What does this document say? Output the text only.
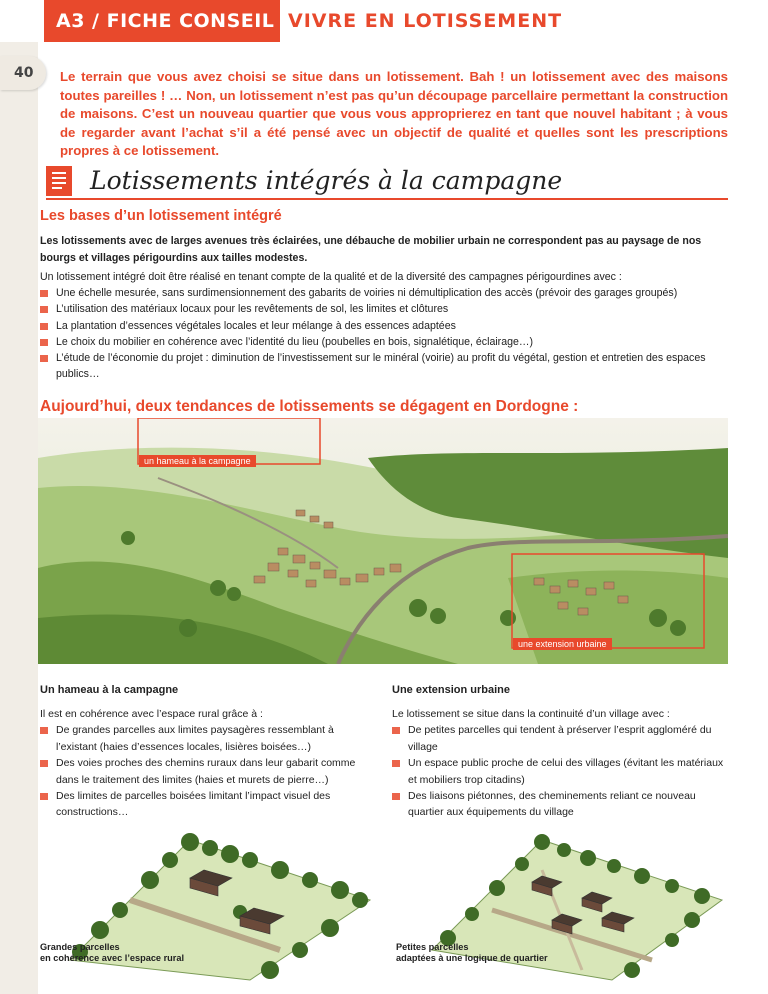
A3 / FICHE CONSEIL VIVRE EN LOTISSEMENT
40	Le terrain que vous avez choisi se situe dans un lotissement. Bah ! un lotissement avec des maisons toutes pareilles ! … Non, un lotissement n’est pas qu’un découpage parcellaire permettant la construction de maisons. C’est un nouveau quartier que vous vous approprierez en tant que nouvel habitant ; à vous de regarder avant l’achat s’il a été pensé avec un objectif de qualité et quelles sont les prescriptions propres à ce lotissement.
Lotissements intégrés à la campagne
Les bases d’un lotissement intégré
Les lotissements avec de larges avenues très éclairées, une débauche de mobilier urbain ne correspondent pas au paysage de nos bourgs et villages périgourdins aux tailles modestes.
Un lotissement intégré doit être réalisé en tenant compte de la qualité et de la diversité des campagnes périgourdines avec :
Une échelle mesurée, sans surdimensionnement des gabarits de voiries ni démultiplication des accès (prévoir des garages groupés)
L’utilisation des matériaux locaux pour les revêtements de sol, les limites et clôtures
La plantation d’essences végétales locales et leur mélange à des essences adaptées
Le choix du mobilier en cohérence avec l’identité du lieu (poubelles en bois, signalétique, éclairage…)
L’étude de l’économie du projet : diminution de l’investissement sur le minéral (voirie) au profit du végétal, gestion et entretien des espaces publics…
Aujourd’hui, deux tendances de lotissements se dégagent en Dordogne :
un hameau à la campagne
une extension urbaine
Un hameau à la campagne
Il est en cohérence avec l’espace rural grâce à :
De grandes parcelles aux limites paysagères ressemblant à l’existant (haies d’essences locales, lisières boisées…)
Des voies proches des chemins ruraux dans leur gabarit comme dans le traitement des limites (haies et murets de pierre…)
Des limites de parcelles boisées limitant l’impact visuel des constructions…
Une extension urbaine
Le lotissement se situe dans la continuité d’un village avec :
De petites parcelles qui tendent à préserver l’esprit aggloméré du village
Un espace public proche de celui des villages (évitant les matériaux et mobiliers trop citadins)
Des liaisons piétonnes, des cheminements reliant ce nouveau quartier aux équipements du village
Grandes parcelles
en cohérence avec l’espace rural
Petites parcelles
adaptées à une logique de quartier
